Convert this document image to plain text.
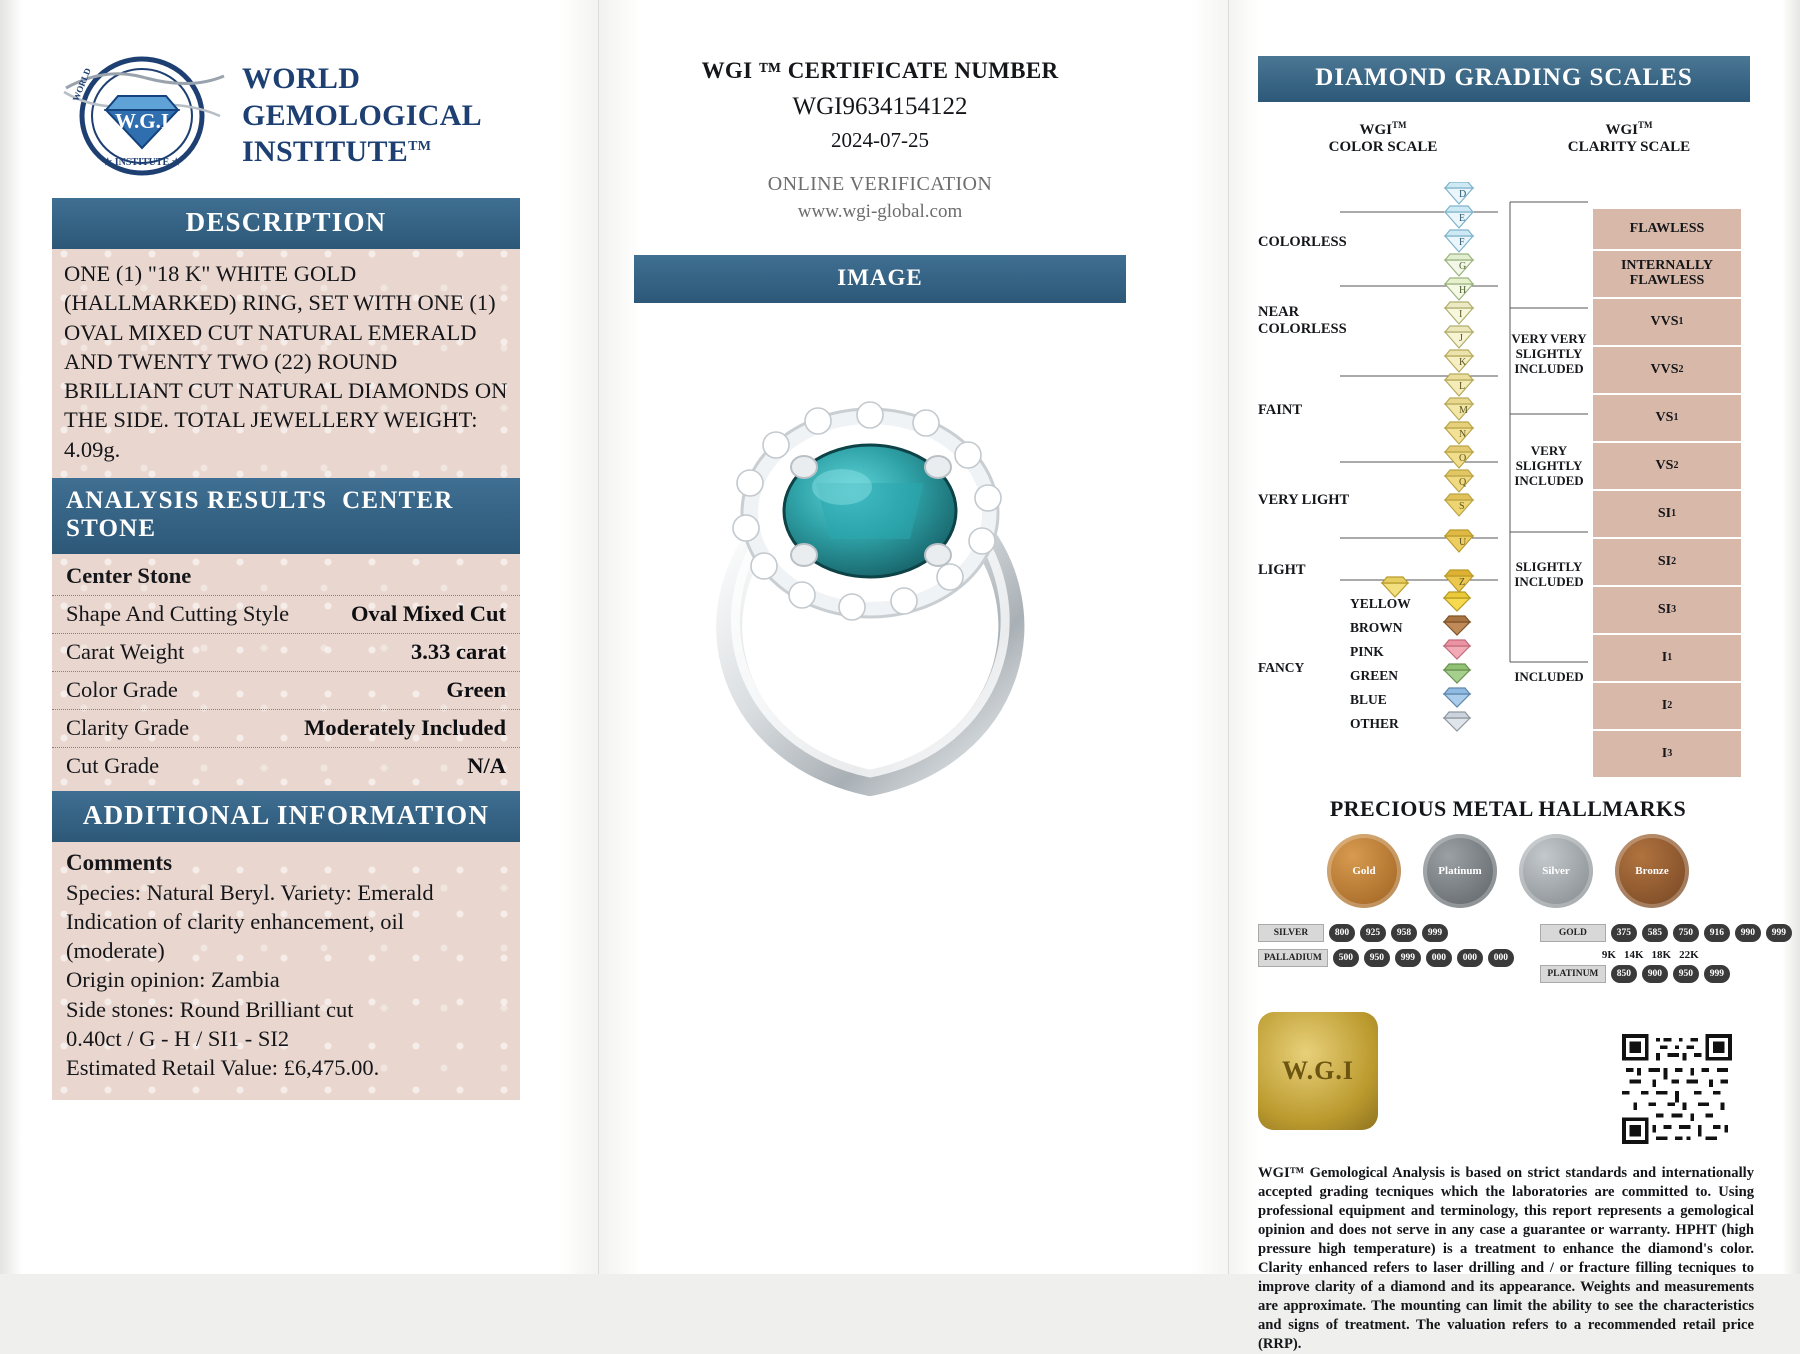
W.G.I
★ INSTITUTE ★
WORLD	WORLD
GEMOLOGICAL
INSTITUTE™
DESCRIPTION
ONE (1) "18 K" WHITE GOLD (HALLMARKED) RING, SET WITH ONE (1) OVAL MIXED CUT NATURAL EMERALD AND TWENTY TWO (22) ROUND BRILLIANT CUT NATURAL DIAMONDS ON THE SIDE. TOTAL JEWELLERY WEIGHT: 4.09g.
ANALYSIS RESULTS CENTER STONE
Center Stone
Shape And Cutting Style	Oval Mixed Cut
Carat Weight	3.33 carat
Color Grade	Green
Clarity Grade	Moderately Included
Cut Grade	N/A
ADDITIONAL INFORMATION
Comments
Species: Natural Beryl. Variety: Emerald
Indication of clarity enhancement, oil (moderate)
Origin opinion: Zambia
Side stones: Round Brilliant cut
0.40ct / G - H / SI1 - SI2
Estimated Retail Value: £6,475.00.
WGI ™ CERTIFICATE NUMBER
WGI9634154122
2024-07-25
ONLINE VERIFICATION
www.wgi-global.com
IMAGE
DIAMOND GRADING SCALES
WGI™
COLOR SCALE
WGI™
CLARITY SCALE
COLORLESS
NEAR
COLORLESS
FAINT
VERY LIGHT
LIGHT
FANCY
D
E
F
G
H
I
J
K
L
M
N
O
Q
S
U
Z
YELLOW
BROWN
PINK
GREEN
BLUE
OTHER
VERY VERY SLIGHTLY INCLUDED
VERY SLIGHTLY INCLUDED
SLIGHTLY INCLUDED
INCLUDED
FLAWLESS
INTERNALLY
FLAWLESS
VVS 1
VVS 2
VS 1
VS 2
SI 1
SI 2
SI 3
I 1
I 2
I 3
PRECIOUS METAL HALLMARKS
Gold	Platinum	Silver	Bronze
SILVER	800	925	958	999
PALLADIUM	500	950	999	000	000	000
GOLD	375	585	750	916	990	999
9K 14K 18K 22K
PLATINUM	850	900	950	999
W.G.I
WGI™ Gemological Analysis is based on strict standards and internationally accepted grading tecniques which the laboratories are committed to. Using professional equipment and terminology, this report represents a gemological opinion and does not serve in any case a guarantee or warranty. HPHT (high pressure high temperature) is a treatment to enhance the diamond's color. Clarity enhanced refers to laser drilling and / or fracture filling tecniques to improve clarity of a diamond and its appearance. Weights and measurements are approximate. The mounting can limit the ability to see the characteristics and signs of treatment. The valuation refers to a recommended retail price (RRP).
